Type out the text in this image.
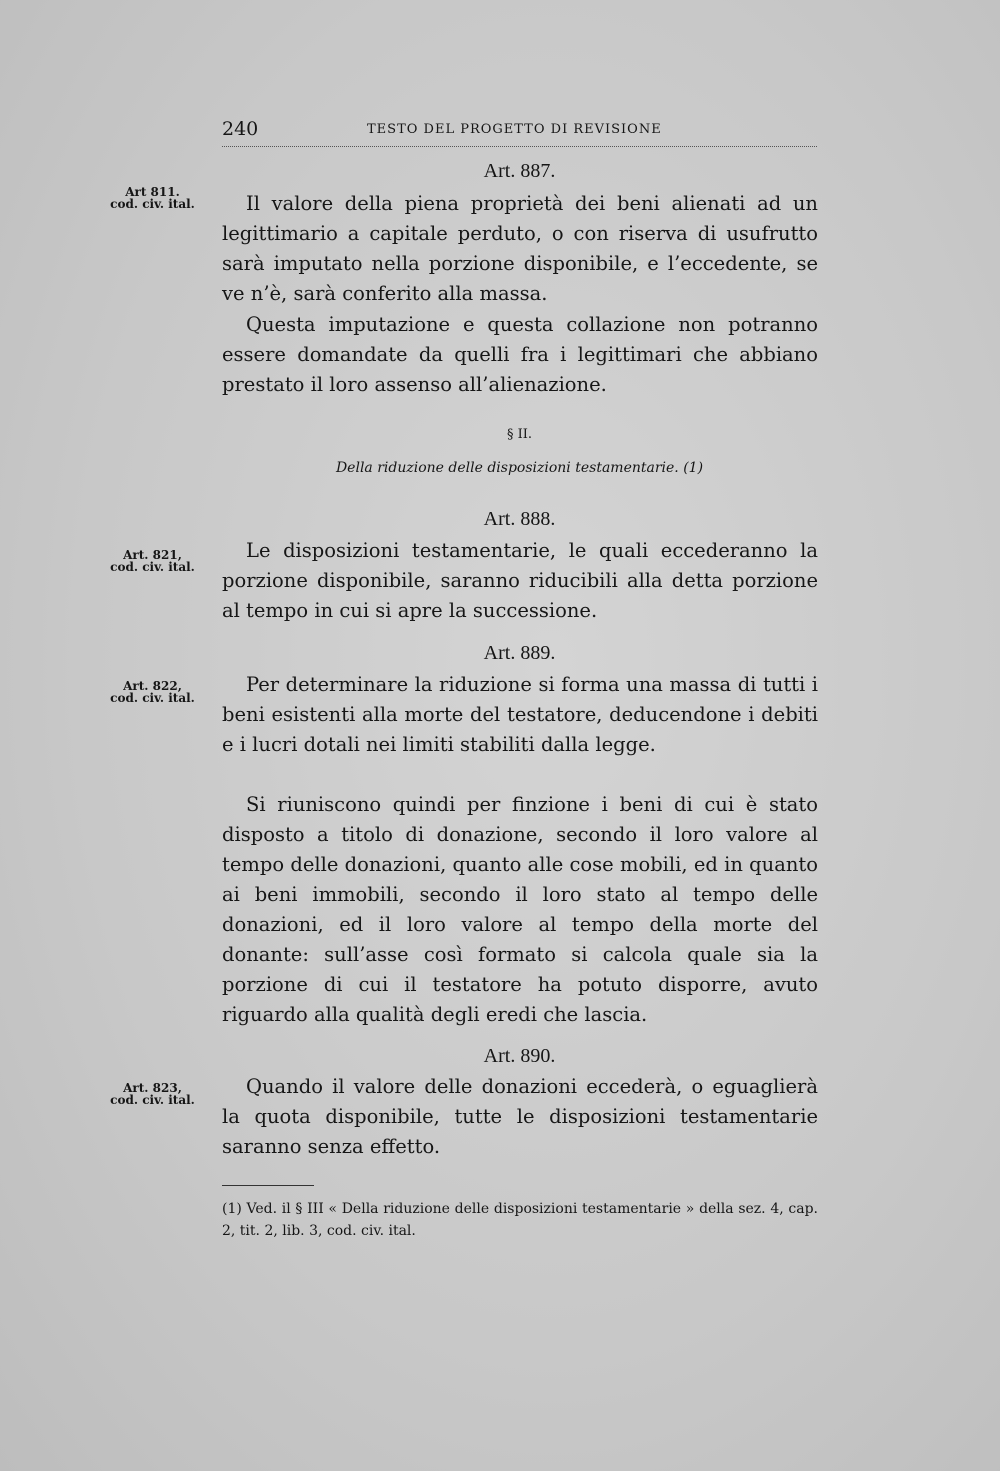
240	TESTO DEL PROGETTO DI REVISIONE
Art. 887.
Art 811.
cod. civ. ital.	Il valore della piena proprietà dei beni alienati ad un legittimario a capitale perduto, o con riserva di usufrutto sarà imputato nella porzione disponibile, e l’eccedente, se ve n’è, sarà conferito alla massa.

Questa imputazione e questa collazione non potranno essere domandate da quelli fra i legittimari che abbiano prestato il loro assenso all’alienazione.

§ II.
Della riduzione delle disposizioni testamentarie. (1)
Art. 888.
Art. 821,
cod. civ. ital.

Le disposizioni testamentarie, le quali eccederanno la porzione disponibile, saranno riducibili alla detta porzione al tempo in cui si apre la successione.

Art. 889.
Art. 822,
cod. civ. ital.

Per determinare la riduzione si forma una massa di tutti i beni esistenti alla morte del testatore, deducendone i debiti e i lucri dotali nei limiti stabiliti dalla legge.

Si riuniscono quindi per finzione i beni di cui è stato disposto a titolo di donazione, secondo il loro valore al tempo delle donazioni, quanto alle cose mobili, ed in quanto ai beni immobili, secondo il loro stato al tempo delle donazioni, ed il loro valore al tempo della morte del donante: sull’asse così formato si calcola quale sia la porzione di cui il testatore ha potuto disporre, avuto riguardo alla qualità degli eredi che lascia.

Art. 890.
Art. 823,
cod. civ. ital.

Quando il valore delle donazioni eccederà, o eguaglierà la quota disponibile, tutte le disposizioni testamentarie saranno senza effetto.

(1) Ved. il § III « Della riduzione delle disposizioni testamentarie » della sez. 4, cap. 2, tit. 2, lib. 3, cod. civ. ital.
